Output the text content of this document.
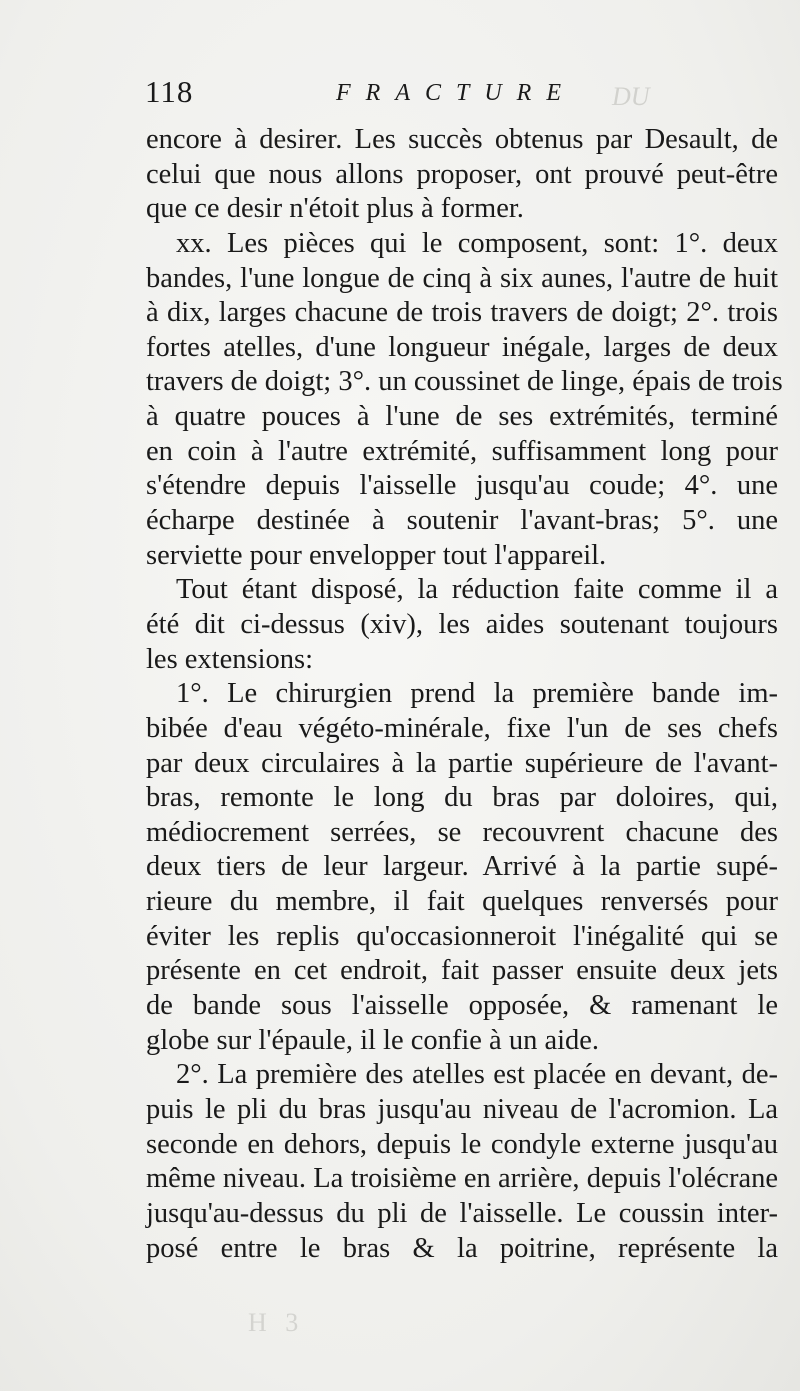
DU
118	FRACTURE
encore à desirer. Les succès obtenus par Desault, de
celui que nous allons proposer, ont prouvé peut-être
que ce desir n'étoit plus à former.
xx. Les pièces qui le composent, sont: 1°. deux
bandes, l'une longue de cinq à six aunes, l'autre de huit
à dix, larges chacune de trois travers de doigt; 2°. trois
fortes atelles, d'une longueur inégale, larges de deux
travers de doigt; 3°. un coussinet de linge, épais de trois
à quatre pouces à l'une de ses extrémités, terminé
en coin à l'autre extrémité, suffisamment long pour
s'étendre depuis l'aisselle jusqu'au coude; 4°. une
écharpe destinée à soutenir l'avant-bras; 5°. une
serviette pour envelopper tout l'appareil.
Tout étant disposé, la réduction faite comme il a
été dit ci-dessus (xiv), les aides soutenant toujours
les extensions:
1°. Le chirurgien prend la première bande im-
bibée d'eau végéto-minérale, fixe l'un de ses chefs
par deux circulaires à la partie supérieure de l'avant-
bras, remonte le long du bras par doloires, qui,
médiocrement serrées, se recouvrent chacune des
deux tiers de leur largeur. Arrivé à la partie supé-
rieure du membre, il fait quelques renversés pour
éviter les replis qu'occasionneroit l'inégalité qui se
présente en cet endroit, fait passer ensuite deux jets
de bande sous l'aisselle opposée, & ramenant le
globe sur l'épaule, il le confie à un aide.
2°. La première des atelles est placée en devant, de-
puis le pli du bras jusqu'au niveau de l'acromion. La
seconde en dehors, depuis le condyle externe jusqu'au
même niveau. La troisième en arrière, depuis l'olécrane
jusqu'au-dessus du pli de l'aisselle. Le coussin inter-
posé entre le bras & la poitrine, représente la
H 3
